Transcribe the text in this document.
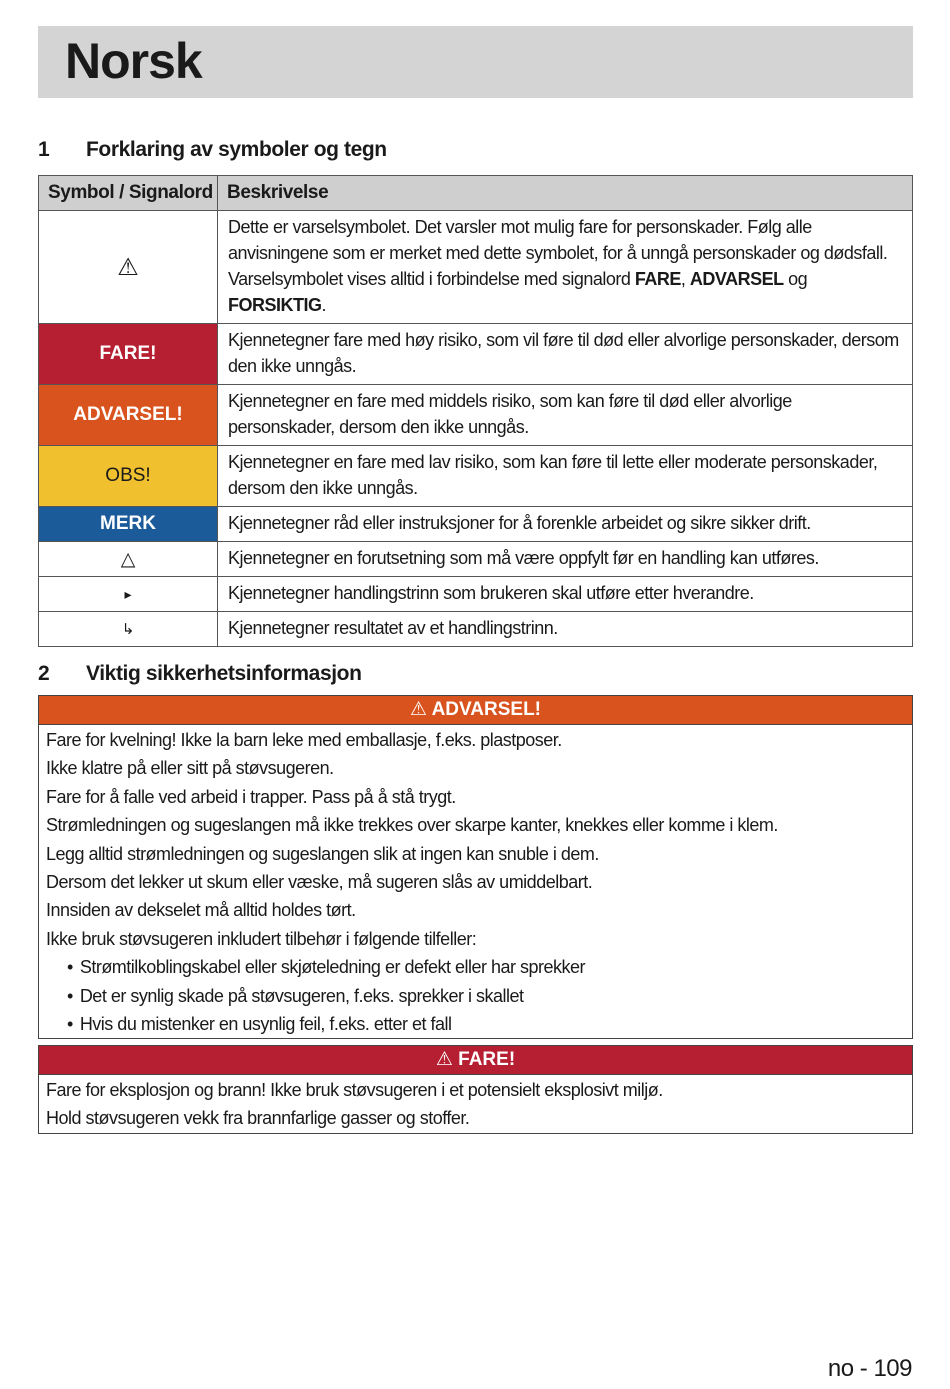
Norsk
1 Forklaring av symboler og tegn
Symbol / Signalord	Beskrivelse
⚠	Dette er varselsymbolet. Det varsler mot mulig fare for personskader. Følg alle anvisningene som er merket med dette symbolet, for å unngå personskader og dødsfall. Varselsymbolet vises alltid i forbindelse med signalord FARE, ADVARSEL og FORSIKTIG.
FARE!	Kjennetegner fare med høy risiko, som vil føre til død eller alvorlige personskader, dersom den ikke unngås.
ADVARSEL!	Kjennetegner en fare med middels risiko, som kan føre til død eller alvorlige personskader, dersom den ikke unngås.
OBS!	Kjennetegner en fare med lav risiko, som kan føre til lette eller moderate personskader, dersom den ikke unngås.
MERK	Kjennetegner råd eller instruksjoner for å forenkle arbeidet og sikre sikker drift.
△	Kjennetegner en forutsetning som må være oppfylt før en handling kan utføres.
▸	Kjennetegner handlingstrinn som brukeren skal utføre etter hverandre.
↳	Kjennetegner resultatet av et handlingstrinn.
2 Viktig sikkerhetsinformasjon
⚠ ADVARSEL!
Fare for kvelning! Ikke la barn leke med emballasje, f.eks. plastposer.
Ikke klatre på eller sitt på støvsugeren.
Fare for å falle ved arbeid i trapper. Pass på å stå trygt.
Strømledningen og sugeslangen må ikke trekkes over skarpe kanter, knekkes eller komme i klem.
Legg alltid strømledningen og sugeslangen slik at ingen kan snuble i dem.
Dersom det lekker ut skum eller væske, må sugeren slås av umiddelbart.
Innsiden av dekselet må alltid holdes tørt.
Ikke bruk støvsugeren inkludert tilbehør i følgende tilfeller:
• Strømtilkoblingskabel eller skjøteledning er defekt eller har sprekker
• Det er synlig skade på støvsugeren, f.eks. sprekker i skallet
• Hvis du mistenker en usynlig feil, f.eks. etter et fall
⚠ FARE!
Fare for eksplosjon og brann! Ikke bruk støvsugeren i et potensielt eksplosivt miljø.
Hold støvsugeren vekk fra brannfarlige gasser og stoffer.
no - 109
